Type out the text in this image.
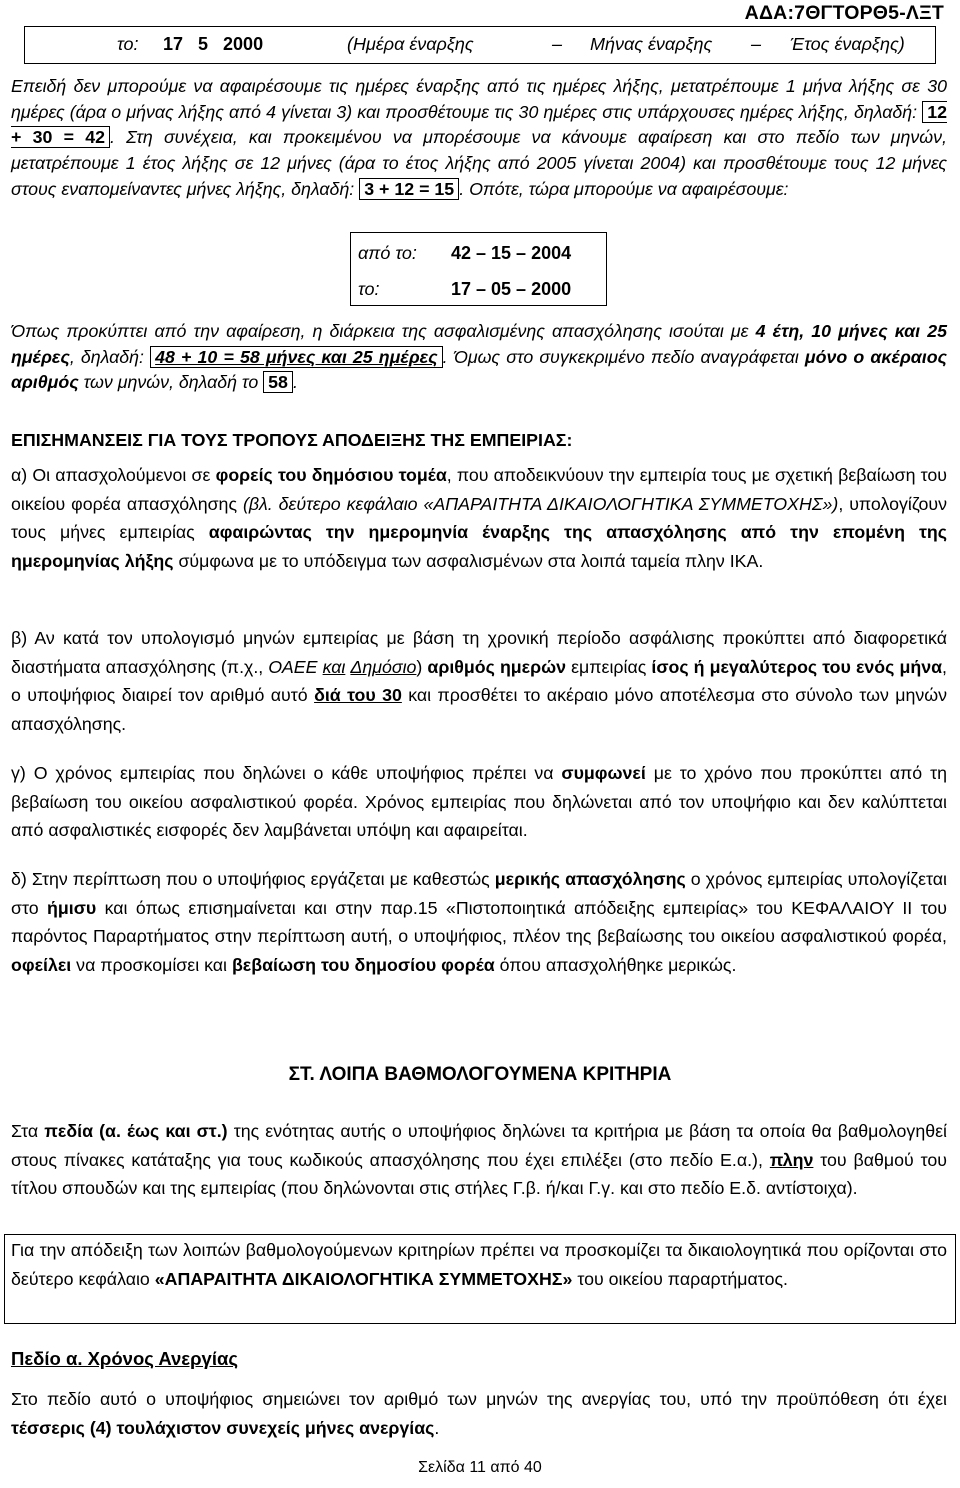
ΑΔΑ:7ΘΓΤΟΡΘ5-ΛΞΤ

το:

17 5 2000

	(Ημέρα έναρξης

	–

Μήνας έναρξης

–

Έτος έναρξης)

Επειδή δεν μπορούμε να αφαιρέσουμε τις ημέρες έναρξης από τις ημέρες λήξης, μετατρέπουμε 1 μήνα λήξης σε 30 ημέρες (άρα ο μήνας λήξης από 4 γίνεται 3) και προσθέτουμε τις 30 ημέρες στις υπάρχουσες ημέρες λήξης, δηλαδή: 12 + 30 = 42 . Στη συνέχεια, και προκειμένου να μπορέσουμε να κάνουμε αφαίρεση και στο πεδίο των μηνών, μετατρέπουμε 1 έτος λήξης σε 12 μήνες (άρα το έτος λήξης από 2005 γίνεται 2004) και προσθέτουμε τους 12 μήνες στους εναπομείναντες μήνες λήξης, δηλαδή: 3 + 12 = 15 . Οπότε, τώρα μπορούμε να αφαιρέσουμε:
από το: 42 – 15 – 2004
το:	17 – 05 – 2000
Όπως προκύπτει από την αφαίρεση, η διάρκεια της ασφαλισμένης απασχόλησης ισούται με 4 έτη, 10 μήνες και 25 ημέρες, δηλαδή: 48 + 10 = 58 μήνες και 25 ημέρες . Όμως στο συγκεκριμένο πεδίο αναγράφεται μόνο ο ακέραιος αριθμός των μηνών, δηλαδή το 58 .
ΕΠΙΣΗΜΑΝΣΕΙΣ ΓΙΑ ΤΟΥΣ ΤΡΟΠΟΥΣ ΑΠΟΔΕΙΞΗΣ ΤΗΣ ΕΜΠΕΙΡΙΑΣ:
α) Οι απασχολούμενοι σε φορείς του δημόσιου τομέα, που αποδεικνύουν την εμπειρία τους με σχετική βεβαίωση του οικείου φορέα απασχόλησης (βλ. δεύτερο κεφάλαιο «ΑΠΑΡΑΙΤΗΤΑ ΔΙΚΑΙΟΛΟΓΗΤΙΚΑ ΣΥΜΜΕΤΟΧΗΣ»), υπολογίζουν τους μήνες εμπειρίας αφαιρώντας την ημερομηνία έναρξης της απασχόλησης από την επομένη της ημερομηνίας λήξης σύμφωνα με το υπόδειγμα των ασφαλισμένων στα λοιπά ταμεία πλην ΙΚΑ.
β) Αν κατά τον υπολογισμό μηνών εμπειρίας με βάση τη χρονική περίοδο ασφάλισης προκύπτει από διαφορετικά διαστήματα απασχόλησης (π.χ., ΟΑΕΕ και Δημόσιο) αριθμός ημερών εμπειρίας ίσος ή μεγαλύτερος του ενός μήνα, ο υποψήφιος διαιρεί τον αριθμό αυτό διά του 30 και προσθέτει το ακέραιο μόνο αποτέλεσμα στο σύνολο των μηνών απασχόλησης.
γ) Ο χρόνος εμπειρίας που δηλώνει ο κάθε υποψήφιος πρέπει να συμφωνεί με το χρόνο που προκύπτει από τη βεβαίωση του οικείου ασφαλιστικού φορέα. Χρόνος εμπειρίας που δηλώνεται από τον υποψήφιο και δεν καλύπτεται από ασφαλιστικές εισφορές δεν λαμβάνεται υπόψη και αφαιρείται.
δ) Στην περίπτωση που ο υποψήφιος εργάζεται με καθεστώς μερικής απασχόλησης ο χρόνος εμπειρίας υπολογίζεται στο ήμισυ και όπως επισημαίνεται και στην παρ.15 «Πιστοποιητικά απόδειξης εμπειρίας» του ΚΕΦΑΛΑΙΟΥ ΙΙ του παρόντος Παραρτήματος στην περίπτωση αυτή, ο υποψήφιος, πλέον της βεβαίωσης του οικείου ασφαλιστικού φορέα, οφείλει να προσκομίσει και βεβαίωση του δημοσίου φορέα όπου απασχολήθηκε μερικώς.
ΣΤ. ΛΟΙΠΑ ΒΑΘΜΟΛΟΓΟΥΜΕΝΑ ΚΡΙΤΗΡΙΑ
Στα πεδία (α. έως και στ.) της ενότητας αυτής ο υποψήφιος δηλώνει τα κριτήρια με βάση τα οποία θα βαθμολογηθεί στους πίνακες κατάταξης για τους κωδικούς απασχόλησης που έχει επιλέξει (στο πεδίο Ε.α.), πλην του βαθμού του τίτλου σπουδών και της εμπειρίας (που δηλώνονται στις στήλες Γ.β. ή/και Γ.γ. και στο πεδίο Ε.δ. αντίστοιχα).
Για την απόδειξη των λοιπών βαθμολογούμενων κριτηρίων πρέπει να προσκομίζει τα δικαιολογητικά που ορίζονται στο δεύτερο κεφάλαιο «ΑΠΑΡΑΙΤΗΤΑ ΔΙΚΑΙΟΛΟΓΗΤΙΚΑ ΣΥΜΜΕΤΟΧΗΣ» του οικείου παραρτήματος.
Πεδίο α. Χρόνος Ανεργίας
Στο πεδίο αυτό ο υποψήφιος σημειώνει τον αριθμό των μηνών της ανεργίας του, υπό την προϋπόθεση ότι έχει τέσσερις (4) τουλάχιστον συνεχείς μήνες ανεργίας.
Σελίδα 11 από 40
